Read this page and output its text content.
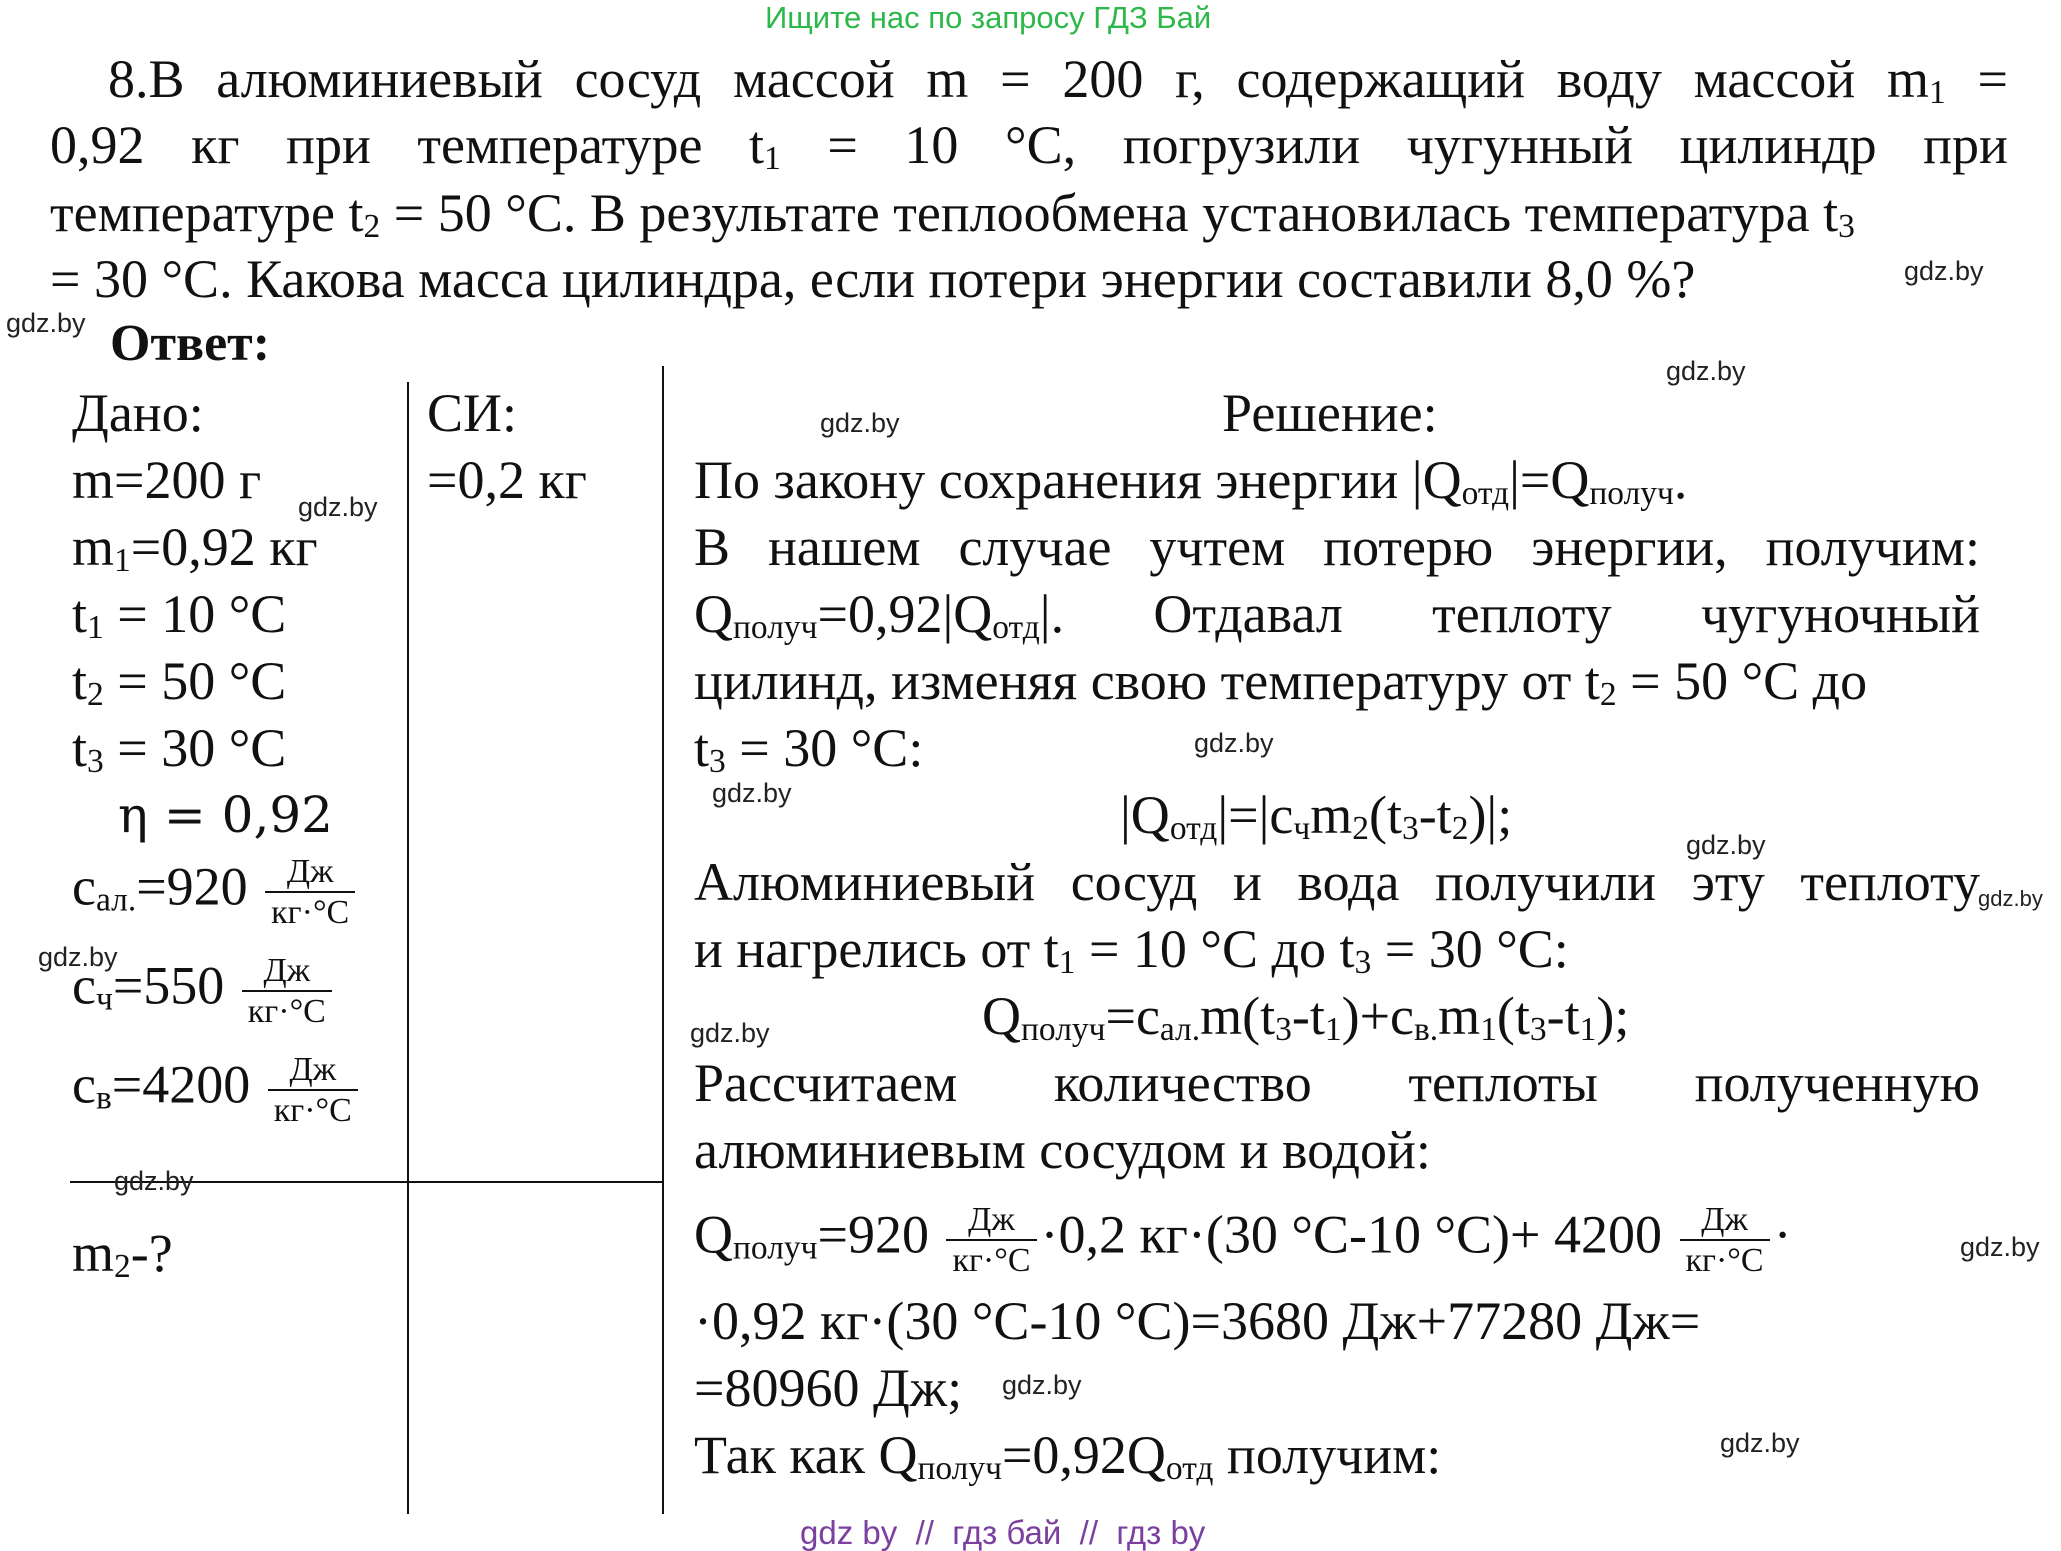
Ищите нас по запросу ГДЗ Бай
8.В алюминиевый сосуд массой m = 200 г, содержащий воду массой $m_1$ =
0,92 кг при температуре $t_1 = 10$ °C, погрузили чугунный цилиндр при
температуре $t_2 = 50$ °C. В результате теплообмена установилась температура $t_3$
= 30 °C. Какова масса цилиндра, если потери энергии составили 8,0 %?
Ответ:
Дано:
m=200 г
$m_1=0,92$ кг
$t_1 = 10$ °C
$t_2 = 50$ °C
$t_3 = 30$ °C
η = 0,92
$c_{ал.}=920 \frac{Дж}{кг\cdot^\circ C}$
$c_ч=550 \frac{Дж}{кг\cdot^\circ C}$
$c_в=4200 \frac{Дж}{кг\cdot^\circ C}$
$m_2-$?
СИ:
=0,2 кг
Решение:
По закону сохранения энергии $|Q_{отд}|=Q_{получ}$.
В нашем случае учтем потерю энергии, получим:
$Q_{получ}=0,92|Q_{отд}|$. Отдавал теплоту чугуночный
цилинд, изменяя свою температуру от $t_2 = 50$ °C до
$t_3 = 30$ °C:
$|Q_{отд}|=|c_чm_2(t_3-t_2)|$;
Алюминиевый сосуд и вода получили эту теплоту
и нагрелись от $t_1 = 10$ °C до $t_3 = 30$ °C:
$Q_{получ}=c_{ал.}m(t_3-t_1)+c_{в.}m_1(t_3-t_1)$;
Рассчитаем количество теплоты полученную
алюминиевым сосудом и водой:
$Q_{получ}=920 \frac{Дж}{кг\cdot^\circ C} \cdot 0,2$ кг·(30 °C-10 $^\circ C)+ 4200 \frac{Дж}{кг\cdot^\circ C}$ ·
·0,92 кг·(30 °C-10 °C)=3680 Дж+77280 Дж=
=80960 Дж;
Так как $Q_{получ}=0,92Q_{отд}$ получим:
gdz.by
gdz.by
gdz.by
gdz.by
gdz.by
gdz.by
gdz.by
gdz.by
gdz.by
gdz.by
gdz.by
gdz.by
gdz.by
gdz.by
gdz.by
gdz by // гдз бай // гдз by
